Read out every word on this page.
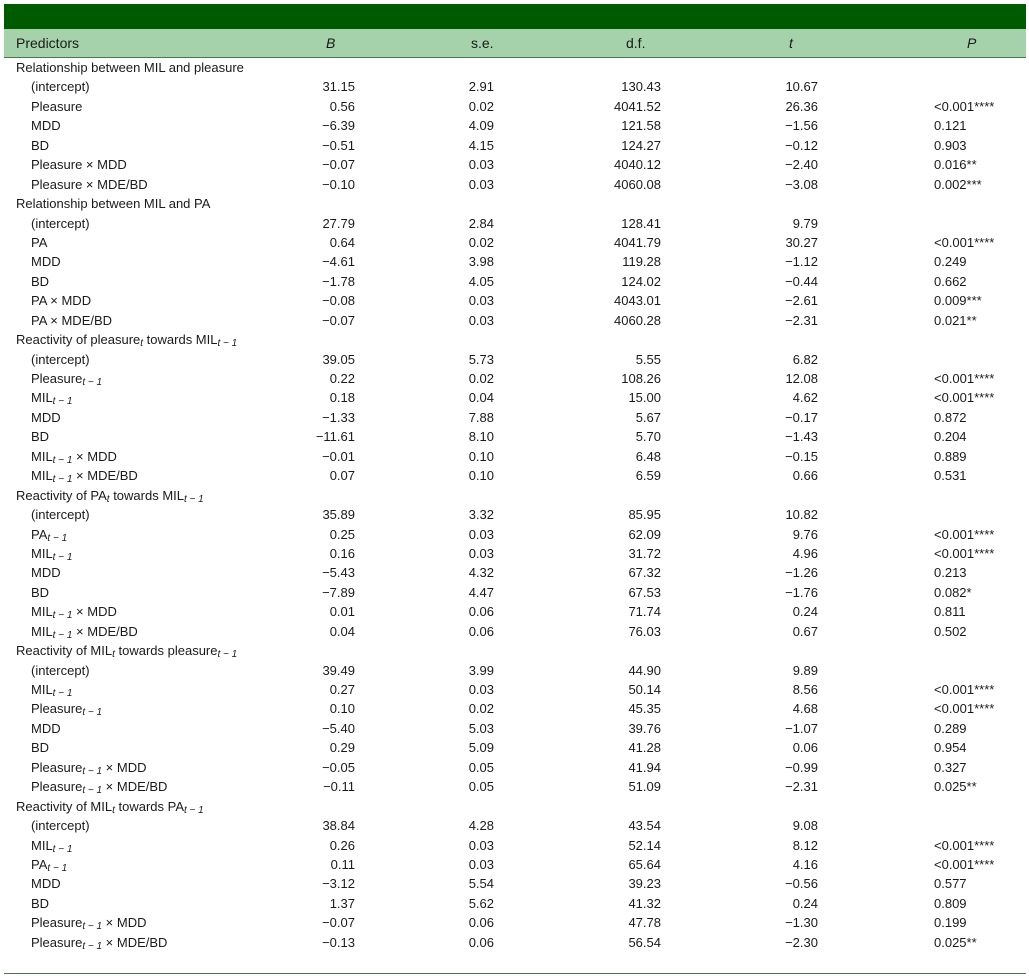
Predictors	B	s.e.	d.f.	t	P
Relationship between MIL and pleasure
(intercept)	31.15	2.91	130.43	10.67
Pleasure	0.56	0.02	4041.52	26.36	<0.001****
MDD	−6.39	4.09	121.58	−1.56	0.121
BD	−0.51	4.15	124.27	−0.12	0.903
Pleasure × MDD	−0.07	0.03	4040.12	−2.40	0.016**
Pleasure × MDE/BD	−0.10	0.03	4060.08	−3.08	0.002***
Relationship between MIL and PA
(intercept)	27.79	2.84	128.41	9.79
PA	0.64	0.02	4041.79	30.27	<0.001****
MDD	−4.61	3.98	119.28	−1.12	0.249
BD	−1.78	4.05	124.02	−0.44	0.662
PA × MDD	−0.08	0.03	4043.01	−2.61	0.009***
PA × MDE/BD	−0.07	0.03	4060.28	−2.31	0.021**
Reactivity of pleasure$_t$ towards $MIL_{t - 1}$
(intercept)	39.05	5.73	5.55	6.82
Pleasure$_{t - 1}$	0.22	0.02	108.26	12.08	<0.001****
$MIL_{t - 1}$	0.18	0.04	15.00	4.62	<0.001****
MDD	−1.33	7.88	5.67	−0.17	0.872
BD	−11.61	8.10	5.70	−1.43	0.204
$MIL_{t - 1}$ × MDD	−0.01	0.10	6.48	−0.15	0.889
$MIL_{t - 1} \times MDE/BD$	0.07	0.10	6.59	0.66	0.531
Reactivity of $PA_t$ towards $MIL_{t - 1}$
(intercept)	35.89	3.32	85.95	10.82
$PA_{t - 1}$	0.25	0.03	62.09	9.76	<0.001****
$MIL_{t - 1}$	0.16	0.03	31.72	4.96	<0.001****
MDD	−5.43	4.32	67.32	−1.26	0.213
BD	−7.89	4.47	67.53	−1.76	0.082*
$MIL_{t - 1}$ × MDD	0.01	0.06	71.74	0.24	0.811
$MIL_{t - 1} \times MDE/BD$	0.04	0.06	76.03	0.67	0.502
Reactivity of $MIL_t$ towards pleasure$_{t - 1}$
(intercept)	39.49	3.99	44.90	9.89
$MIL_{t - 1}$	0.27	0.03	50.14	8.56	<0.001****
Pleasure$_{t - 1}$	0.10	0.02	45.35	4.68	<0.001****
MDD	−5.40	5.03	39.76	−1.07	0.289
BD	0.29	5.09	41.28	0.06	0.954
Pleasure$_{t - 1}$ × MDD	−0.05	0.05	41.94	−0.99	0.327
Pleasure$_{t - 1}$ × MDE/BD	−0.11	0.05	51.09	−2.31	0.025**
Reactivity of $MIL_t$ towards $PA_{t - 1}$
(intercept)	38.84	4.28	43.54	9.08
$MIL_{t - 1}$	0.26	0.03	52.14	8.12	<0.001****
$PA_{t - 1}$	0.11	0.03	65.64	4.16	<0.001****
MDD	−3.12	5.54	39.23	−0.56	0.577
BD	1.37	5.62	41.32	0.24	0.809
Pleasure$_{t - 1}$ × MDD	−0.07	0.06	47.78	−1.30	0.199
Pleasure$_{t - 1}$ × MDE/BD	−0.13	0.06	56.54	−2.30	0.025**
